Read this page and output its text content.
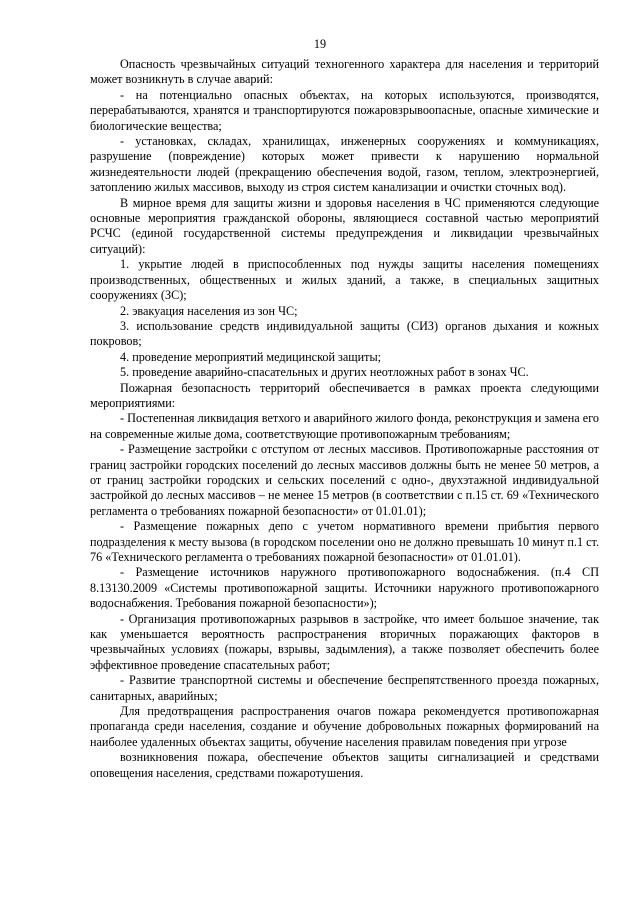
19

Опасность чрезвычайных ситуаций техногенного характера для населения и территорий может возникнуть в случае аварий:

- на потенциально опасных объектах, на которых используются, производятся, перерабатываются, хранятся и транспортируются пожаровзрывоопасные, опасные химические и биологические вещества;

- установках, складах, хранилищах, инженерных сооружениях и коммуникациях, разрушение (повреждение) которых может привести к нарушению нормальной жизнедеятельности людей (прекращению обеспечения водой, газом, теплом, электроэнергией, затоплению жилых массивов, выходу из строя систем канализации и очистки сточных вод).

В мирное время для защиты жизни и здоровья населения в ЧС применяются следующие основные мероприятия гражданской обороны, являющиеся составной частью мероприятий РСЧС (единой государственной системы предупреждения и ликвидации чрезвычайных ситуаций):

1. укрытие людей в приспособленных под нужды защиты населения помещениях производственных, общественных и жилых зданий, а также, в специальных защитных сооружениях (ЗС);

2. эвакуация населения из зон ЧС;

3. использование средств индивидуальной защиты (СИЗ) органов дыхания и кожных покровов;

4. проведение мероприятий медицинской защиты;

5. проведение аварийно-спасательных и других неотложных работ в зонах ЧС.

Пожарная безопасность территорий обеспечивается в рамках проекта следующими мероприятиями:

- Постепенная ликвидация ветхого и аварийного жилого фонда, реконструкция и замена его на современные жилые дома, соответствующие противопожарным требованиям;

- Размещение застройки с отступом от лесных массивов. Противопожарные расстояния от границ застройки городских поселений до лесных массивов должны быть не менее 50 метров, а от границ застройки городских и сельских поселений с одно-, двухэтажной индивидуальной застройкой до лесных массивов – не менее 15 метров (в соответствии с п.15 ст. 69 «Технического регламента о требованиях пожарной безопасности» от 01.01.01);

- Размещение пожарных депо с учетом нормативного времени прибытия первого подразделения к месту вызова (в городском поселении оно не должно превышать 10 минут п.1 ст. 76 «Технического регламента о требованиях пожарной безопасности» от 01.01.01).

- Размещение источников наружного противопожарного водоснабжения. (п.4 СП 8.13130.2009 «Системы противопожарной защиты. Источники наружного противопожарного водоснабжения. Требования пожарной безопасности»);

- Организация противопожарных разрывов в застройке, что имеет большое значение, так как уменьшается вероятность распространения вторичных поражающих факторов в чрезвычайных условиях (пожары, взрывы, задымления), а также позволяет обеспечить более эффективное проведение спасательных работ;

- Развитие транспортной системы и обеспечение беспрепятственного проезда пожарных, санитарных, аварийных;

Для предотвращения распространения очагов пожара рекомендуется противопожарная пропаганда среди населения, создание и обучение добровольных пожарных формирований на наиболее удаленных объектах защиты, обучение населения правилам поведения при угрозе

возникновения пожара, обеспечение объектов защиты сигнализацией и средствами оповещения населения, средствами пожаротушения.
